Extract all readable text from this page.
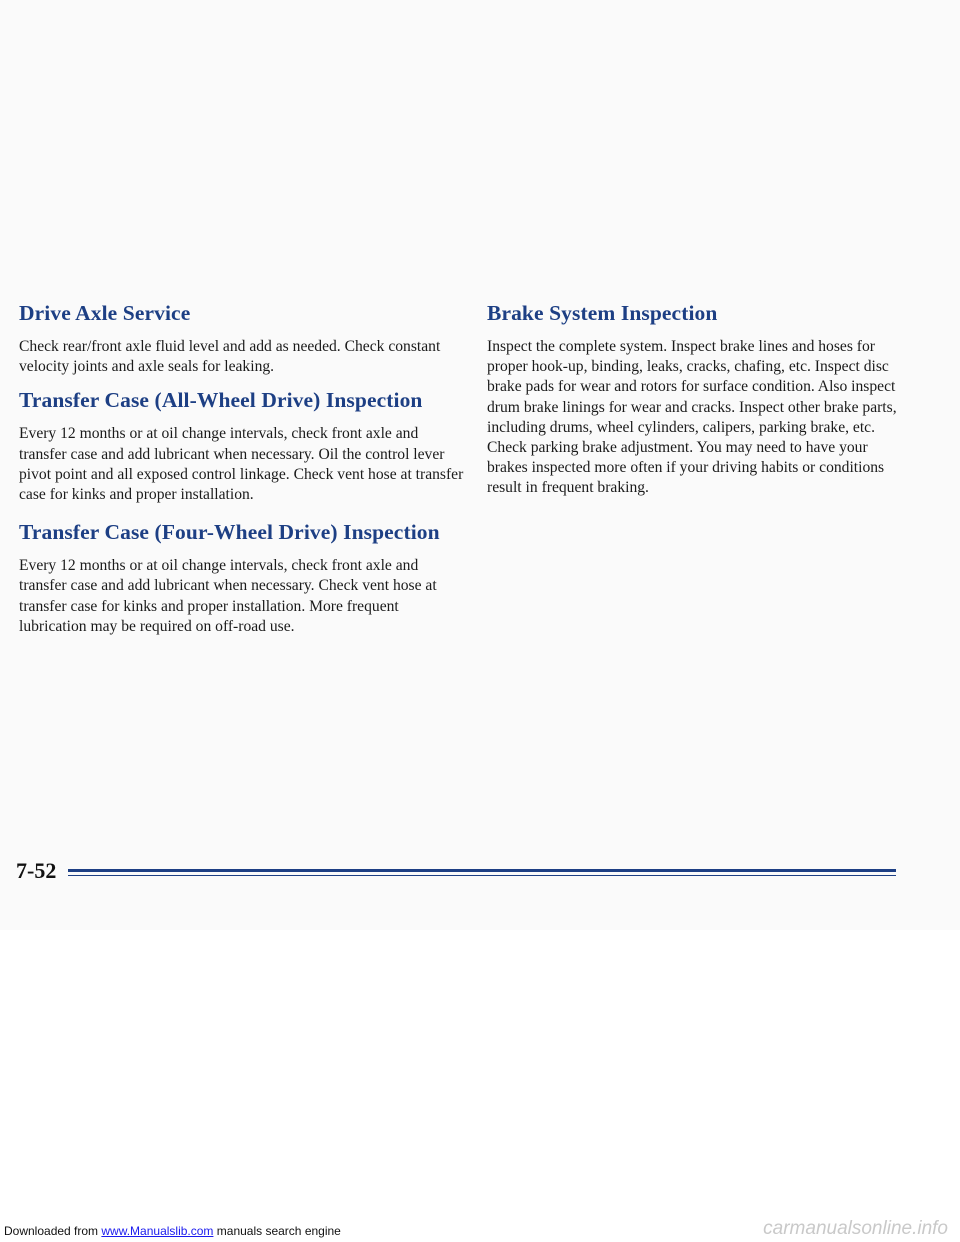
Drive Axle Service

Check rear/front axle fluid level and add as needed. Check constant velocity joints and axle seals for leaking.

Transfer Case (All-Wheel Drive) Inspection

Every 12 months or at oil change intervals, check front axle and transfer case and add lubricant when necessary. Oil the control lever pivot point and all exposed control linkage. Check vent hose at transfer case for kinks and proper installation.

Transfer Case (Four-Wheel Drive) Inspection

Every 12 months or at oil change intervals, check front axle and transfer case and add lubricant when necessary. Check vent hose at transfer case for kinks and proper installation. More frequent lubrication may be required on off-road use.

Brake System Inspection

Inspect the complete system. Inspect brake lines and hoses for proper hook-up, binding, leaks, cracks, chafing, etc. Inspect disc brake pads for wear and rotors for surface condition. Also inspect drum brake linings for wear and cracks. Inspect other brake parts, including drums, wheel cylinders, calipers, parking brake, etc. Check parking brake adjustment. You may need to have your brakes inspected more often if your driving habits or conditions result in frequent braking.

7-52
Downloaded from www.Manualslib.com manuals search engine	carmanualsonline.info
